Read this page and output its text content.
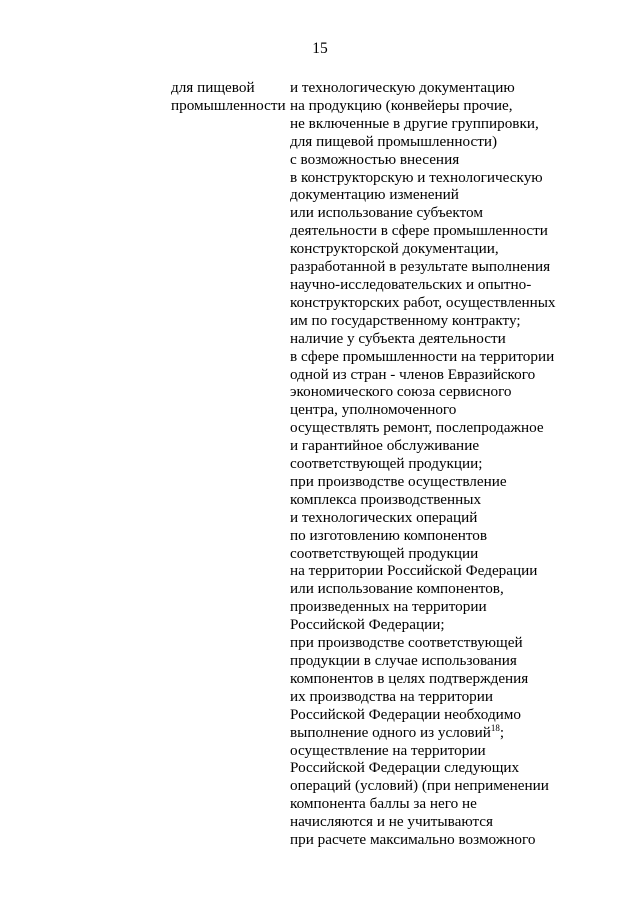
15
для пищевой
промышленности
и технологическую документацию
на продукцию (конвейеры прочие,
не включенные в другие группировки,
для пищевой промышленности)
с возможностью внесения
в конструкторскую и технологическую
документацию изменений
или использование субъектом
деятельности в сфере промышленности
конструкторской документации,
разработанной в результате выполнения
научно-исследовательских и опытно-
конструкторских работ, осуществленных
им по государственному контракту;
наличие у субъекта деятельности
в сфере промышленности на территории
одной из стран - членов Евразийского
экономического союза сервисного
центра, уполномоченного
осуществлять ремонт, послепродажное
и гарантийное обслуживание
соответствующей продукции;
при производстве осуществление
комплекса производственных
и технологических операций
по изготовлению компонентов
соответствующей продукции
на территории Российской Федерации
или использование компонентов,
произведенных на территории
Российской Федерации;
при производстве соответствующей
продукции в случае использования
компонентов в целях подтверждения
их производства на территории
Российской Федерации необходимо
выполнение одного из условий$^{18}$;
осуществление на территории
Российской Федерации следующих
операций (условий) (при неприменении
компонента баллы за него не
начисляются и не учитываются
при расчете максимально возможного
